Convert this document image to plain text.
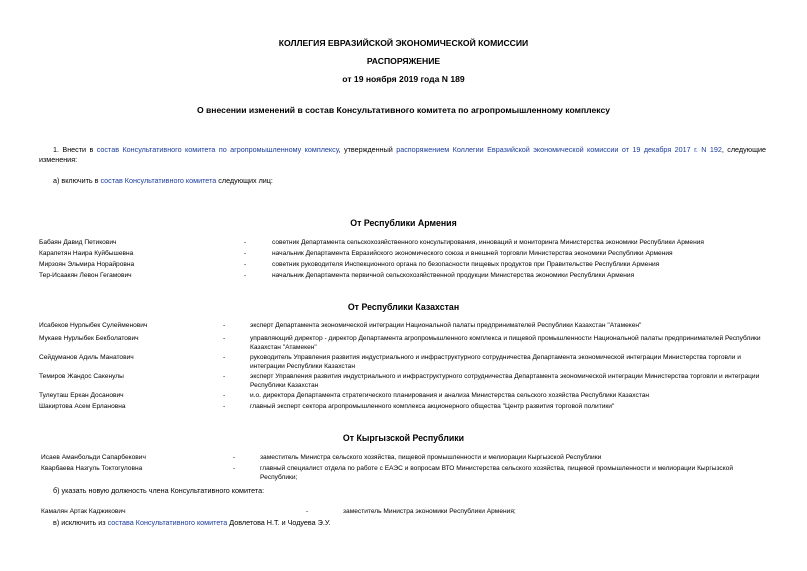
КОЛЛЕГИЯ ЕВРАЗИЙСКОЙ ЭКОНОМИЧЕСКОЙ КОМИССИИ
РАСПОРЯЖЕНИЕ
от 19 ноября 2019 года N 189
О внесении изменений в состав Консультативного комитета по агропромышленному комплексу
1. Внести в состав Консультативного комитета по агропромышленному комплексу, утвержденный распоряжением Коллегии Евразийской экономической комиссии от 19 декабря 2017 г. N 192, следующие изменения:
а) включить в состав Консультативного комитета следующих лиц:
От Республики Армения
Бабаян Давид Петикович	-	советник Департамента сельскохозяйственного консультирования, инноваций и мониторинга Министерства экономики Республики Армения
Карапетян Наира Куйбышевна	-	начальник Департамента Евразийского экономического союза и внешней торговли Министерства экономики Республики Армения
Мирзоян Эльмира Норайровна	-	советник руководителя Инспекционного органа по безопасности пищевых продуктов при Правительстве Республики Армения
Тер-Исаакян Левон Гегамович	-	начальник Департамента первичной сельскохозяйственной продукции Министерства экономики Республики Армения
От Республики Казахстан
Исабеков Нурлыбек Сулейменович	-	эксперт Департамента экономической интеграции Национальной палаты предпринимателей Республики Казахстан "Атамекен"
Мукаев Нурлыбек Бекболатович	-	управляющий директор - директор Департамента агропромышленного комплекса и пищевой промышленности Национальной палаты предпринимателей Республики Казахстан "Атамекен"
Сейдуманов Адиль Манатович	-	руководитель Управления развития индустриального и инфраструктурного сотрудничества Департамента экономической интеграции Министерства торговли и интеграции Республики Казахстан
Темиров Жандос Сакенулы	-	эксперт Управления развития индустриального и инфраструктурного сотрудничества Департамента экономической интеграции Министерства торговли и интеграции Республики Казахстан
Тулеуташ Еркан Досанович	-	и.о. директора Департамента стратегического планирования и анализа Министерства сельского хозяйства Республики Казахстан
Шакиртова Асем Ерлановна	-	главный эксперт сектора агропромышленного комплекса акционерного общества "Центр развития торговой политики"
От Кыргызской Республики
Исаев Аманбольди Сапарбекович	-	заместитель Министра сельского хозяйства, пищевой промышленности и мелиорации Кыргызской Республики
Кварбаева Назгуль Токтогуловна	-	главный специалист отдела по работе с ЕАЭС и вопросам ВТО Министерства сельского хозяйства, пищевой промышленности и мелиорации Кыргызской Республики;
б) указать новую должность члена Консультативного комитета:
Камалян Артак Каджикович	-	заместитель Министра экономики Республики Армения;
в) исключить из состава Консультативного комитета Довлетова Н.Т. и Чодуева Э.У.
